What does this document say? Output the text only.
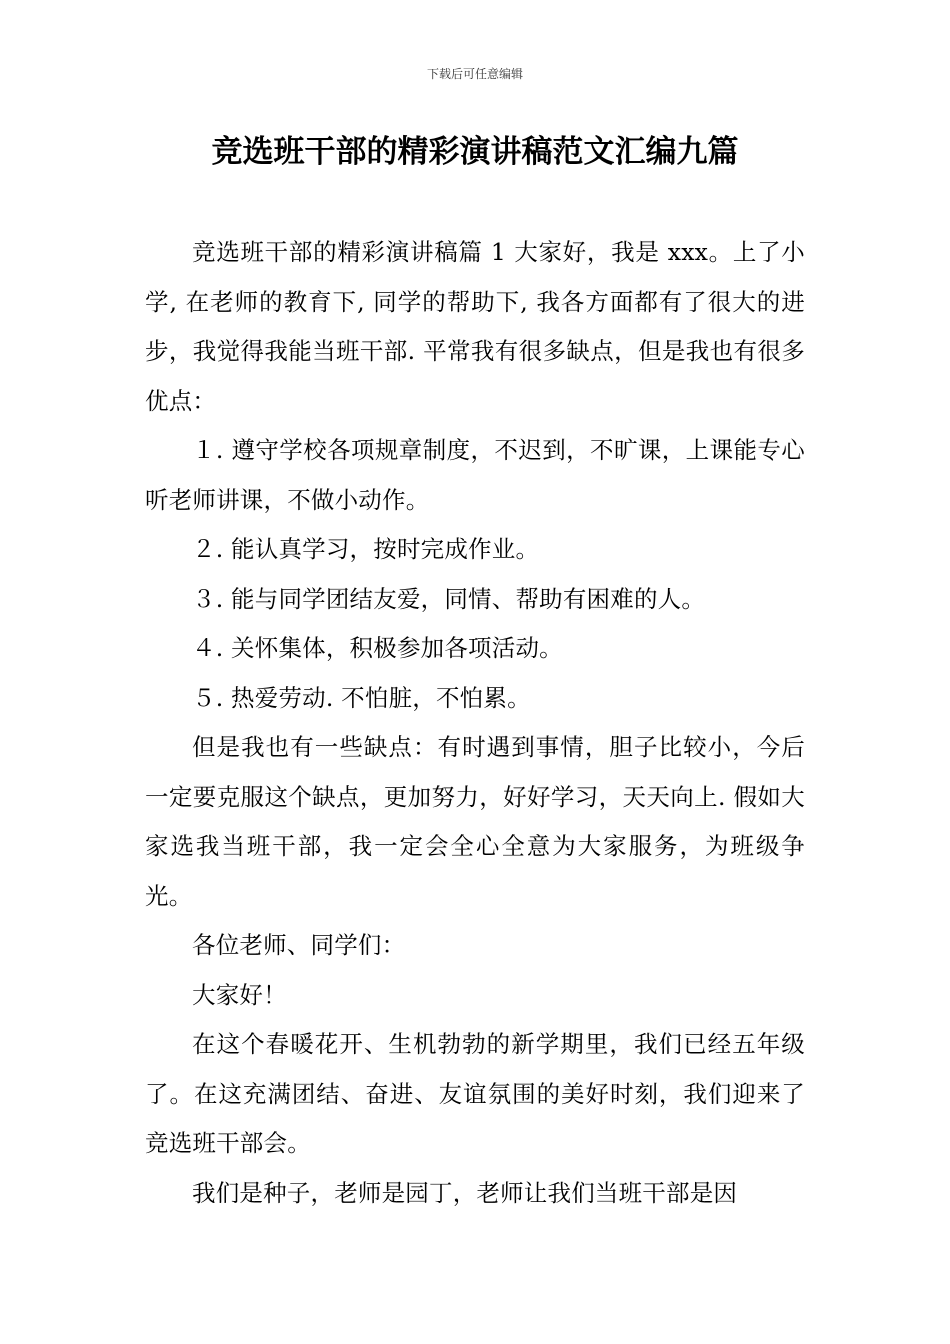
下载后可任意编辑
竞选班干部的精彩演讲稿范文汇编九篇

竞选班干部的精彩演讲稿篇 1 大家好，我是 xxx。上了小学, 在老师的教育下, 同学的帮助下, 我各方面都有了很大的进步，我觉得我能当班干部. 平常我有很多缺点，但是我也有很多优点：

１. 遵守学校各项规章制度，不迟到，不旷课，上课能专心听老师讲课，不做小动作。

２. 能认真学习，按时完成作业。

３. 能与同学团结友爱，同情、帮助有困难的人。

４. 关怀集体，积极参加各项活动。

５. 热爱劳动. 不怕脏，不怕累。

但是我也有一些缺点：有时遇到事情，胆子比较小，今后一定要克服这个缺点，更加努力，好好学习，天天向上. 假如大家选我当班干部，我一定会全心全意为大家服务，为班级争光。

各位老师、同学们：

大家好！

在这个春暖花开、生机勃勃的新学期里，我们已经五年级了。在这充满团结、奋进、友谊氛围的美好时刻，我们迎来了竞选班干部会。

我们是种子，老师是园丁，老师让我们当班干部是因
